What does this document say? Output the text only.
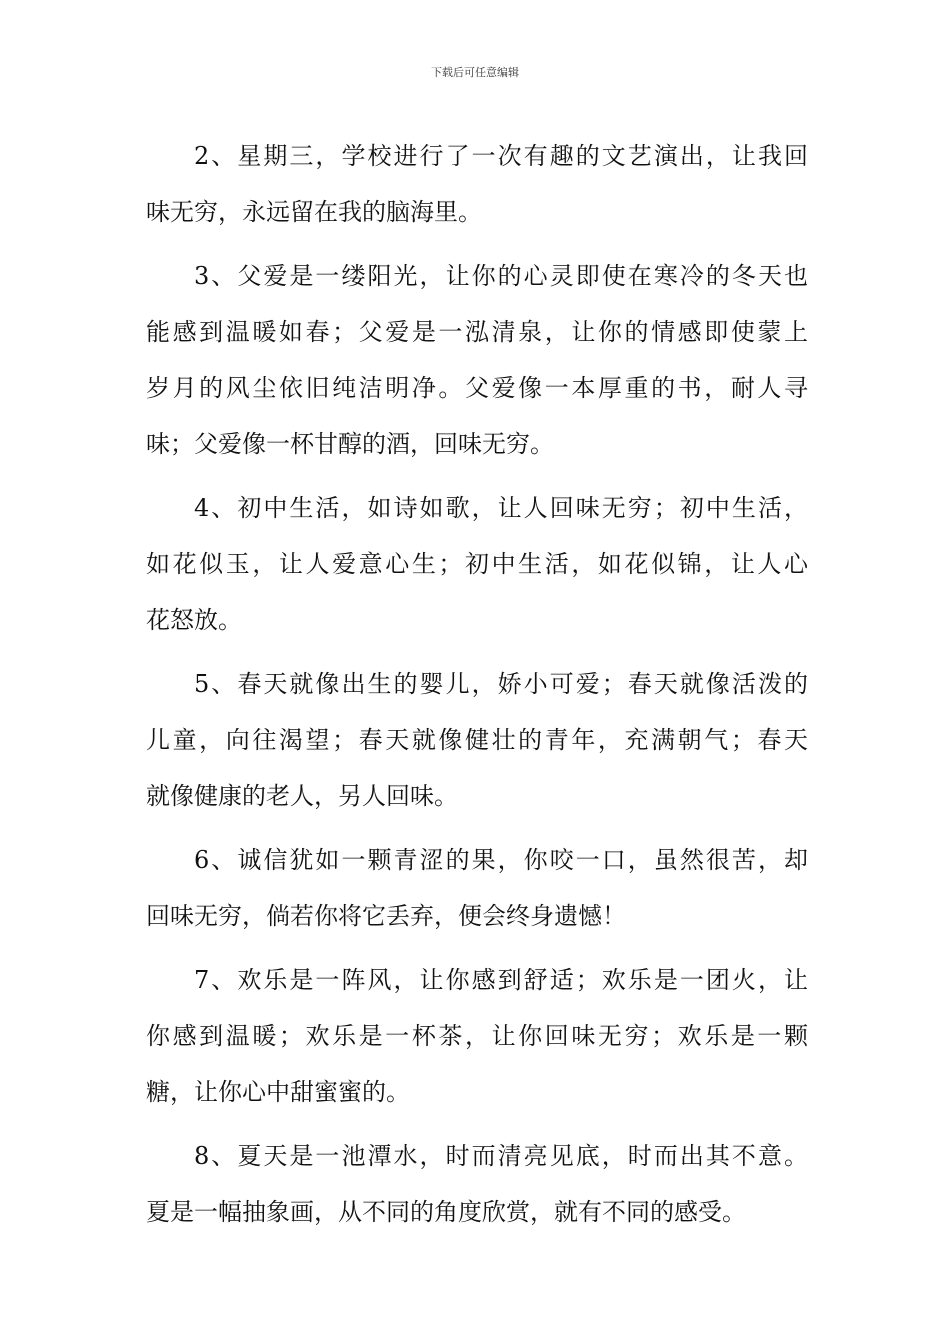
下载后可任意编辑
2、星期三，学校进行了一次有趣的文艺演出，让我回
味无穷，永远留在我的脑海里。
3、父爱是一缕阳光，让你的心灵即使在寒冷的冬天也
能感到温暖如春；父爱是一泓清泉，让你的情感即使蒙上
岁月的风尘依旧纯洁明净。父爱像一本厚重的书，耐人寻
味；父爱像一杯甘醇的酒，回味无穷。
4、初中生活，如诗如歌，让人回味无穷；初中生活，
如花似玉，让人爱意心生；初中生活，如花似锦，让人心
花怒放。
5、春天就像出生的婴儿，娇小可爱；春天就像活泼的
儿童，向往渴望；春天就像健壮的青年，充满朝气；春天
就像健康的老人，另人回味。
6、诚信犹如一颗青涩的果，你咬一口，虽然很苦，却
回味无穷，倘若你将它丢弃，便会终身遗憾！
7、欢乐是一阵风，让你感到舒适；欢乐是一团火，让
你感到温暖；欢乐是一杯茶，让你回味无穷；欢乐是一颗
糖，让你心中甜蜜蜜的。
8、夏天是一池潭水，时而清亮见底，时而出其不意。
夏是一幅抽象画，从不同的角度欣赏，就有不同的感受。
